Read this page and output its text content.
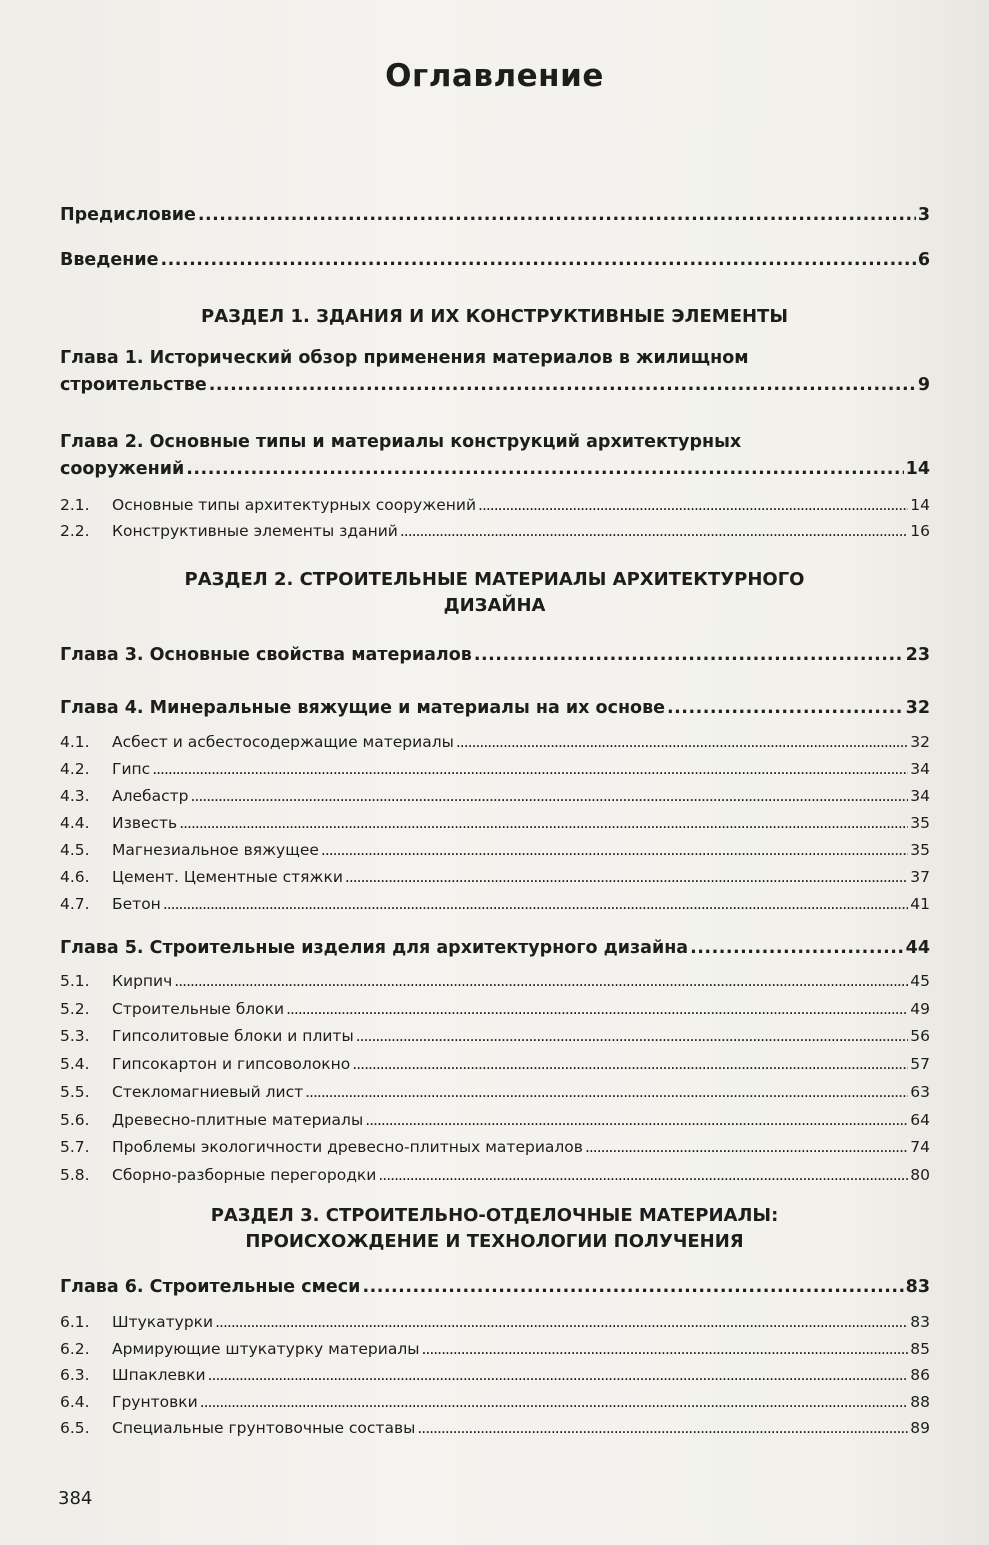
Оглавление
Предисловие .....	3
Введение .....	6
РАЗДЕЛ 1. ЗДАНИЯ И ИХ КОНСТРУКТИВНЫЕ ЭЛЕМЕНТЫ
Глава 1. Исторический обзор применения материалов в жилищном
строительстве .....	9
Глава 2. Основные типы и материалы конструкций архитектурных
сооружений .....	14
2.1. Основные типы архитектурных сооружений .....	14
2.2. Конструктивные элементы зданий .....	16
РАЗДЕЛ 2. СТРОИТЕЛЬНЫЕ МАТЕРИАЛЫ АРХИТЕКТУРНОГО
ДИЗАЙНА
Глава 3. Основные свойства материалов .....	23
Глава 4. Минеральные вяжущие и материалы на их основе .....	32
4.1. Асбест и асбестосодержащие материалы .....	32
4.2. Гипс .....	34
4.3. Алебастр .....	34
4.4. Известь .....	35
4.5. Магнезиальное вяжущее .....	35
4.6. Цемент. Цементные стяжки .....	37
4.7. Бетон .....	41
Глава 5. Строительные изделия для архитектурного дизайна .....	44
5.1. Кирпич .....	45
5.2. Строительные блоки .....	49
5.3. Гипсолитовые блоки и плиты .....	56
5.4. Гипсокартон и гипсоволокно .....	57
5.5. Стекломагниевый лист .....	63
5.6. Древесно-плитные материалы .....	64
5.7. Проблемы экологичности древесно-плитных материалов .....	74
5.8. Сборно-разборные перегородки .....	80
РАЗДЕЛ 3. СТРОИТЕЛЬНО-ОТДЕЛОЧНЫЕ МАТЕРИАЛЫ:
ПРОИСХОЖДЕНИЕ И ТЕХНОЛОГИИ ПОЛУЧЕНИЯ
Глава 6. Строительные смеси .....	83
6.1. Штукатурки .....	83
6.2. Армирующие штукатурку материалы .....	85
6.3. Шпаклевки .....	86
6.4. Грунтовки .....	88
6.5. Специальные грунтовочные составы .....	89
384
